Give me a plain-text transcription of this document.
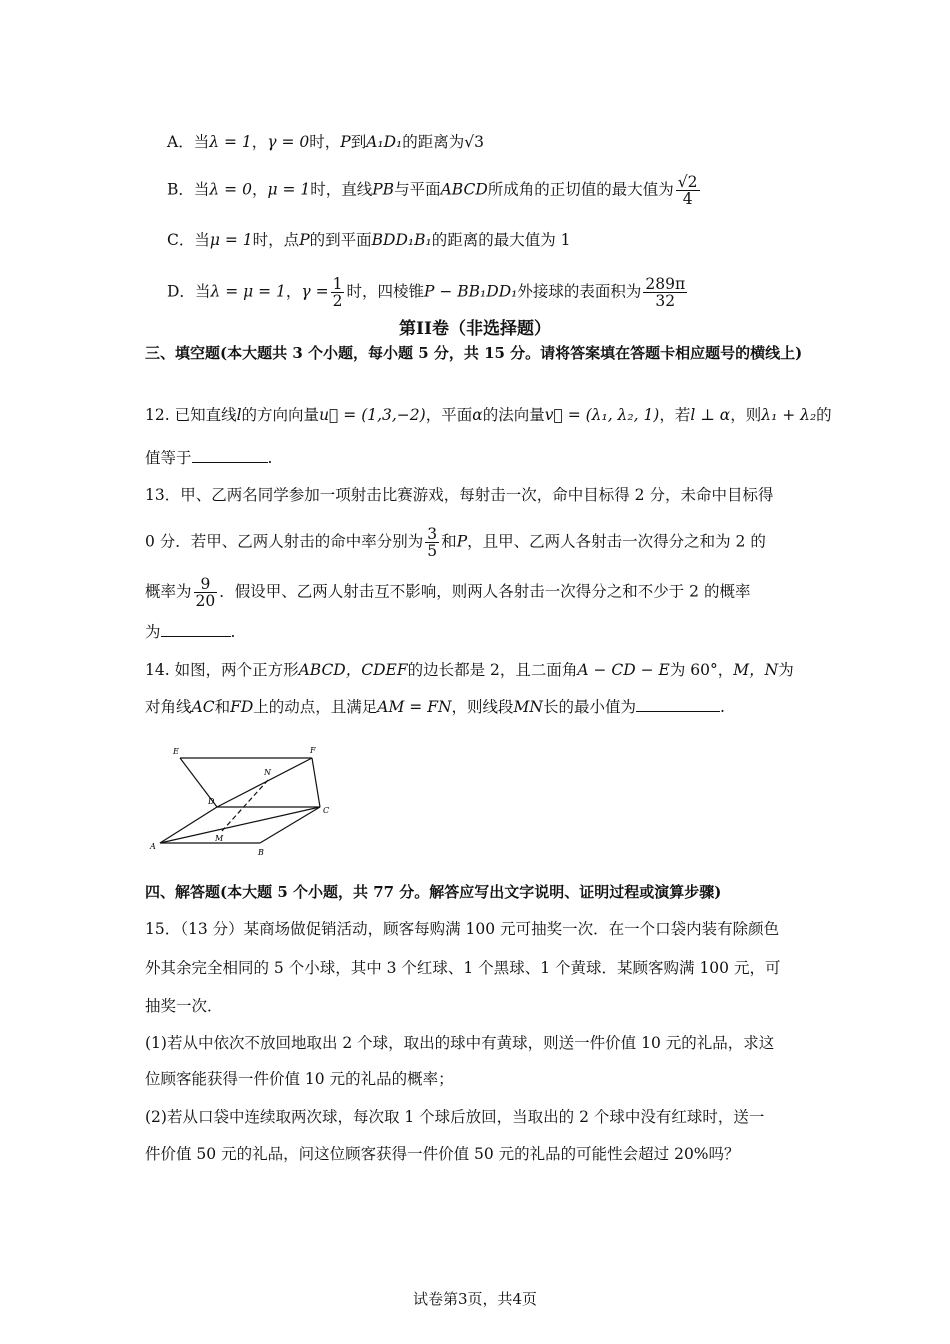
A．当λ = 1，γ = 0时，P到A₁D₁的距离为√3
B．当λ = 0，μ = 1时，直线PB与平面ABCD所成角的正切值的最大值为 $\frac{√2}{4}$
C．当μ = 1时，点P的到平面BDD₁B₁的距离的最大值为 1
D．当λ = μ = 1，$\gamma = \frac{1}{2}$ 时，四棱锥P − BB₁DD₁外接球的表面积为 $\frac{289\pi}{32}$
第II卷（非选择题）
三、填空题(本大题共 3 个小题，每小题 5 分，共 15 分。请将答案填在答题卡相应题号的横线上)
12. 已知直线l的方向向量u⃗ = (1,3,−2)，平面α的法向量v⃗ = (λ₁, λ₂, 1)，若l ⊥ α，则λ₁ + λ₂的
值等于	.
13．甲、乙两名同学参加一项射击比赛游戏，每射击一次，命中目标得 2 分，未命中目标得
0 分．若甲、乙两人射击的命中率分别为 $\frac{3}{5}$ 和P，且甲、乙两人各射击一次得分之和为 2 的
概率为 $\frac{9}{20}$ ．假设甲、乙两人射击互不影响，则两人各射击一次得分之和不少于 2 的概率
为	.
14. 如图，两个正方形ABCD，CDEF的边长都是 2，且二面角A − CD − E为 60°，M，N为
对角线AC和FD上的动点，且满足AM = FN，则线段MN长的最小值为	.
E	F
N
D
C
M
A
B
四、解答题(本大题 5 个小题，共 77 分。解答应写出文字说明、证明过程或演算步骤)
15．（13 分）某商场做促销活动，顾客每购满 100 元可抽奖一次．在一个口袋内装有除颜色
外其余完全相同的 5 个小球，其中 3 个红球、1 个黑球、1 个黄球．某顾客购满 100 元，可
抽奖一次．
(1)若从中依次不放回地取出 2 个球，取出的球中有黄球，则送一件价值 10 元的礼品，求这
位顾客能获得一件价值 10 元的礼品的概率；
(2)若从口袋中连续取两次球，每次取 1 个球后放回，当取出的 2 个球中没有红球时，送一
件价值 50 元的礼品，问这位顾客获得一件价值 50 元的礼品的可能性会超过 20%吗？
试卷第3页，共4页
